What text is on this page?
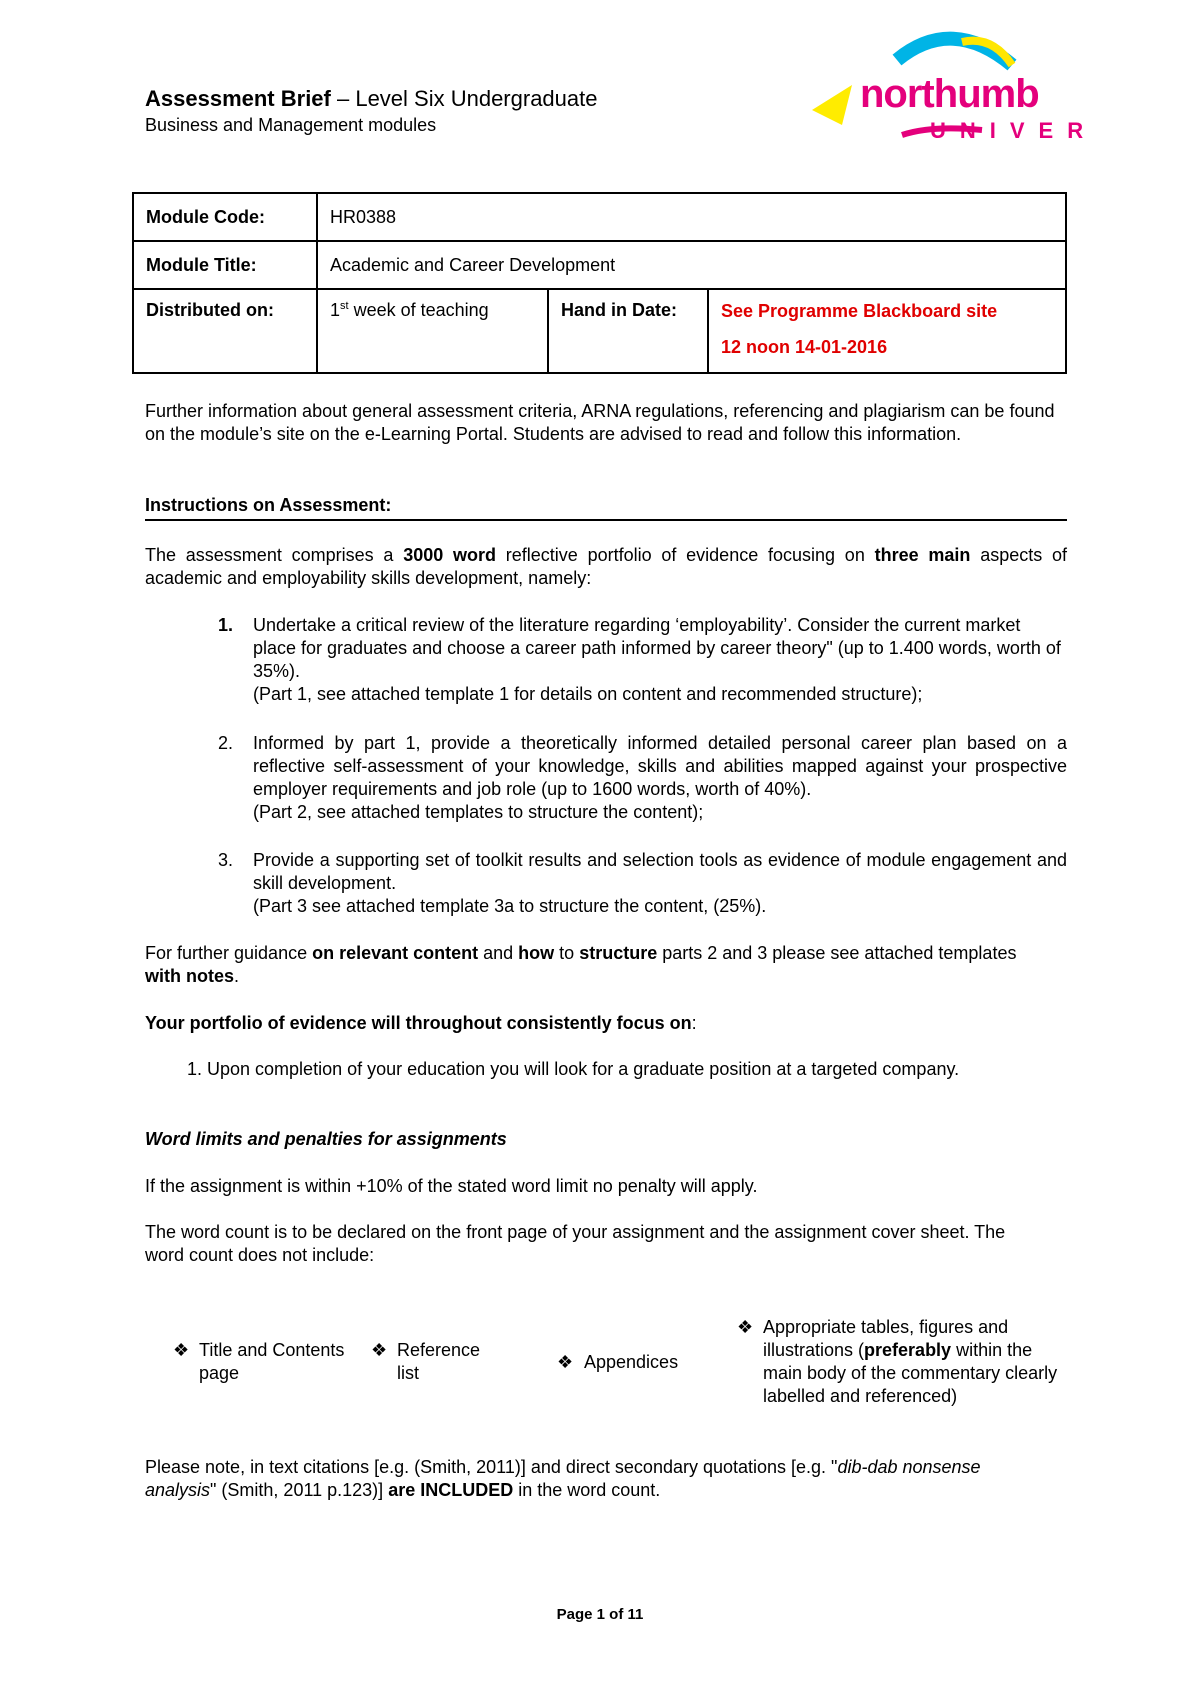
Assessment Brief – Level Six Undergraduate
Business and Management modules
northumb
UNIVER
Module Code:	HR0388		
Module Title:	Academic and Career Development		
Distributed on:	1st week of teaching	Hand in Date:	See Programme Blackboard site
12 noon 14-01-2016
Further information about general assessment criteria, ARNA regulations, referencing and plagiarism can be found on the module’s site on the e-Learning Portal. Students are advised to read and follow this information.
Instructions on Assessment:
The assessment comprises a 3000 word reflective portfolio of evidence focusing on three main aspects of academic and employability skills development, namely:
1. Undertake a critical review of the literature regarding ‘employability’. Consider the current market place for graduates and choose a career path informed by career theory" (up to 1.400 words, worth of 35%).
(Part 1, see attached template 1 for details on content and recommended structure);
2. Informed by part 1, provide a theoretically informed detailed personal career plan based on a reflective self-assessment of your knowledge, skills and abilities mapped against your prospective employer requirements and job role (up to 1600 words, worth of 40%).
(Part 2, see attached templates to structure the content);
3. Provide a supporting set of toolkit results and selection tools as evidence of module engagement and skill development.
(Part 3 see attached template 3a to structure the content, (25%).
For further guidance on relevant content and how to structure parts 2 and 3 please see attached templates with notes.
Your portfolio of evidence will throughout consistently focus on:
1. Upon completion of your education you will look for a graduate position at a targeted company.
Word limits and penalties for assignments
If the assignment is within +10% of the stated word limit no penalty will apply.
The word count is to be declared on the front page of your assignment and the assignment cover sheet. The word count does not include:
❖ Title and Contents page
❖ Reference list
❖ Appendices
❖ Appropriate tables, figures and illustrations (preferably within the main body of the commentary clearly labelled and referenced)
Please note, in text citations [e.g. (Smith, 2011)] and direct secondary quotations [e.g. "dib-dab nonsense analysis" (Smith, 2011 p.123)] are INCLUDED in the word count.
Page 1 of 11
